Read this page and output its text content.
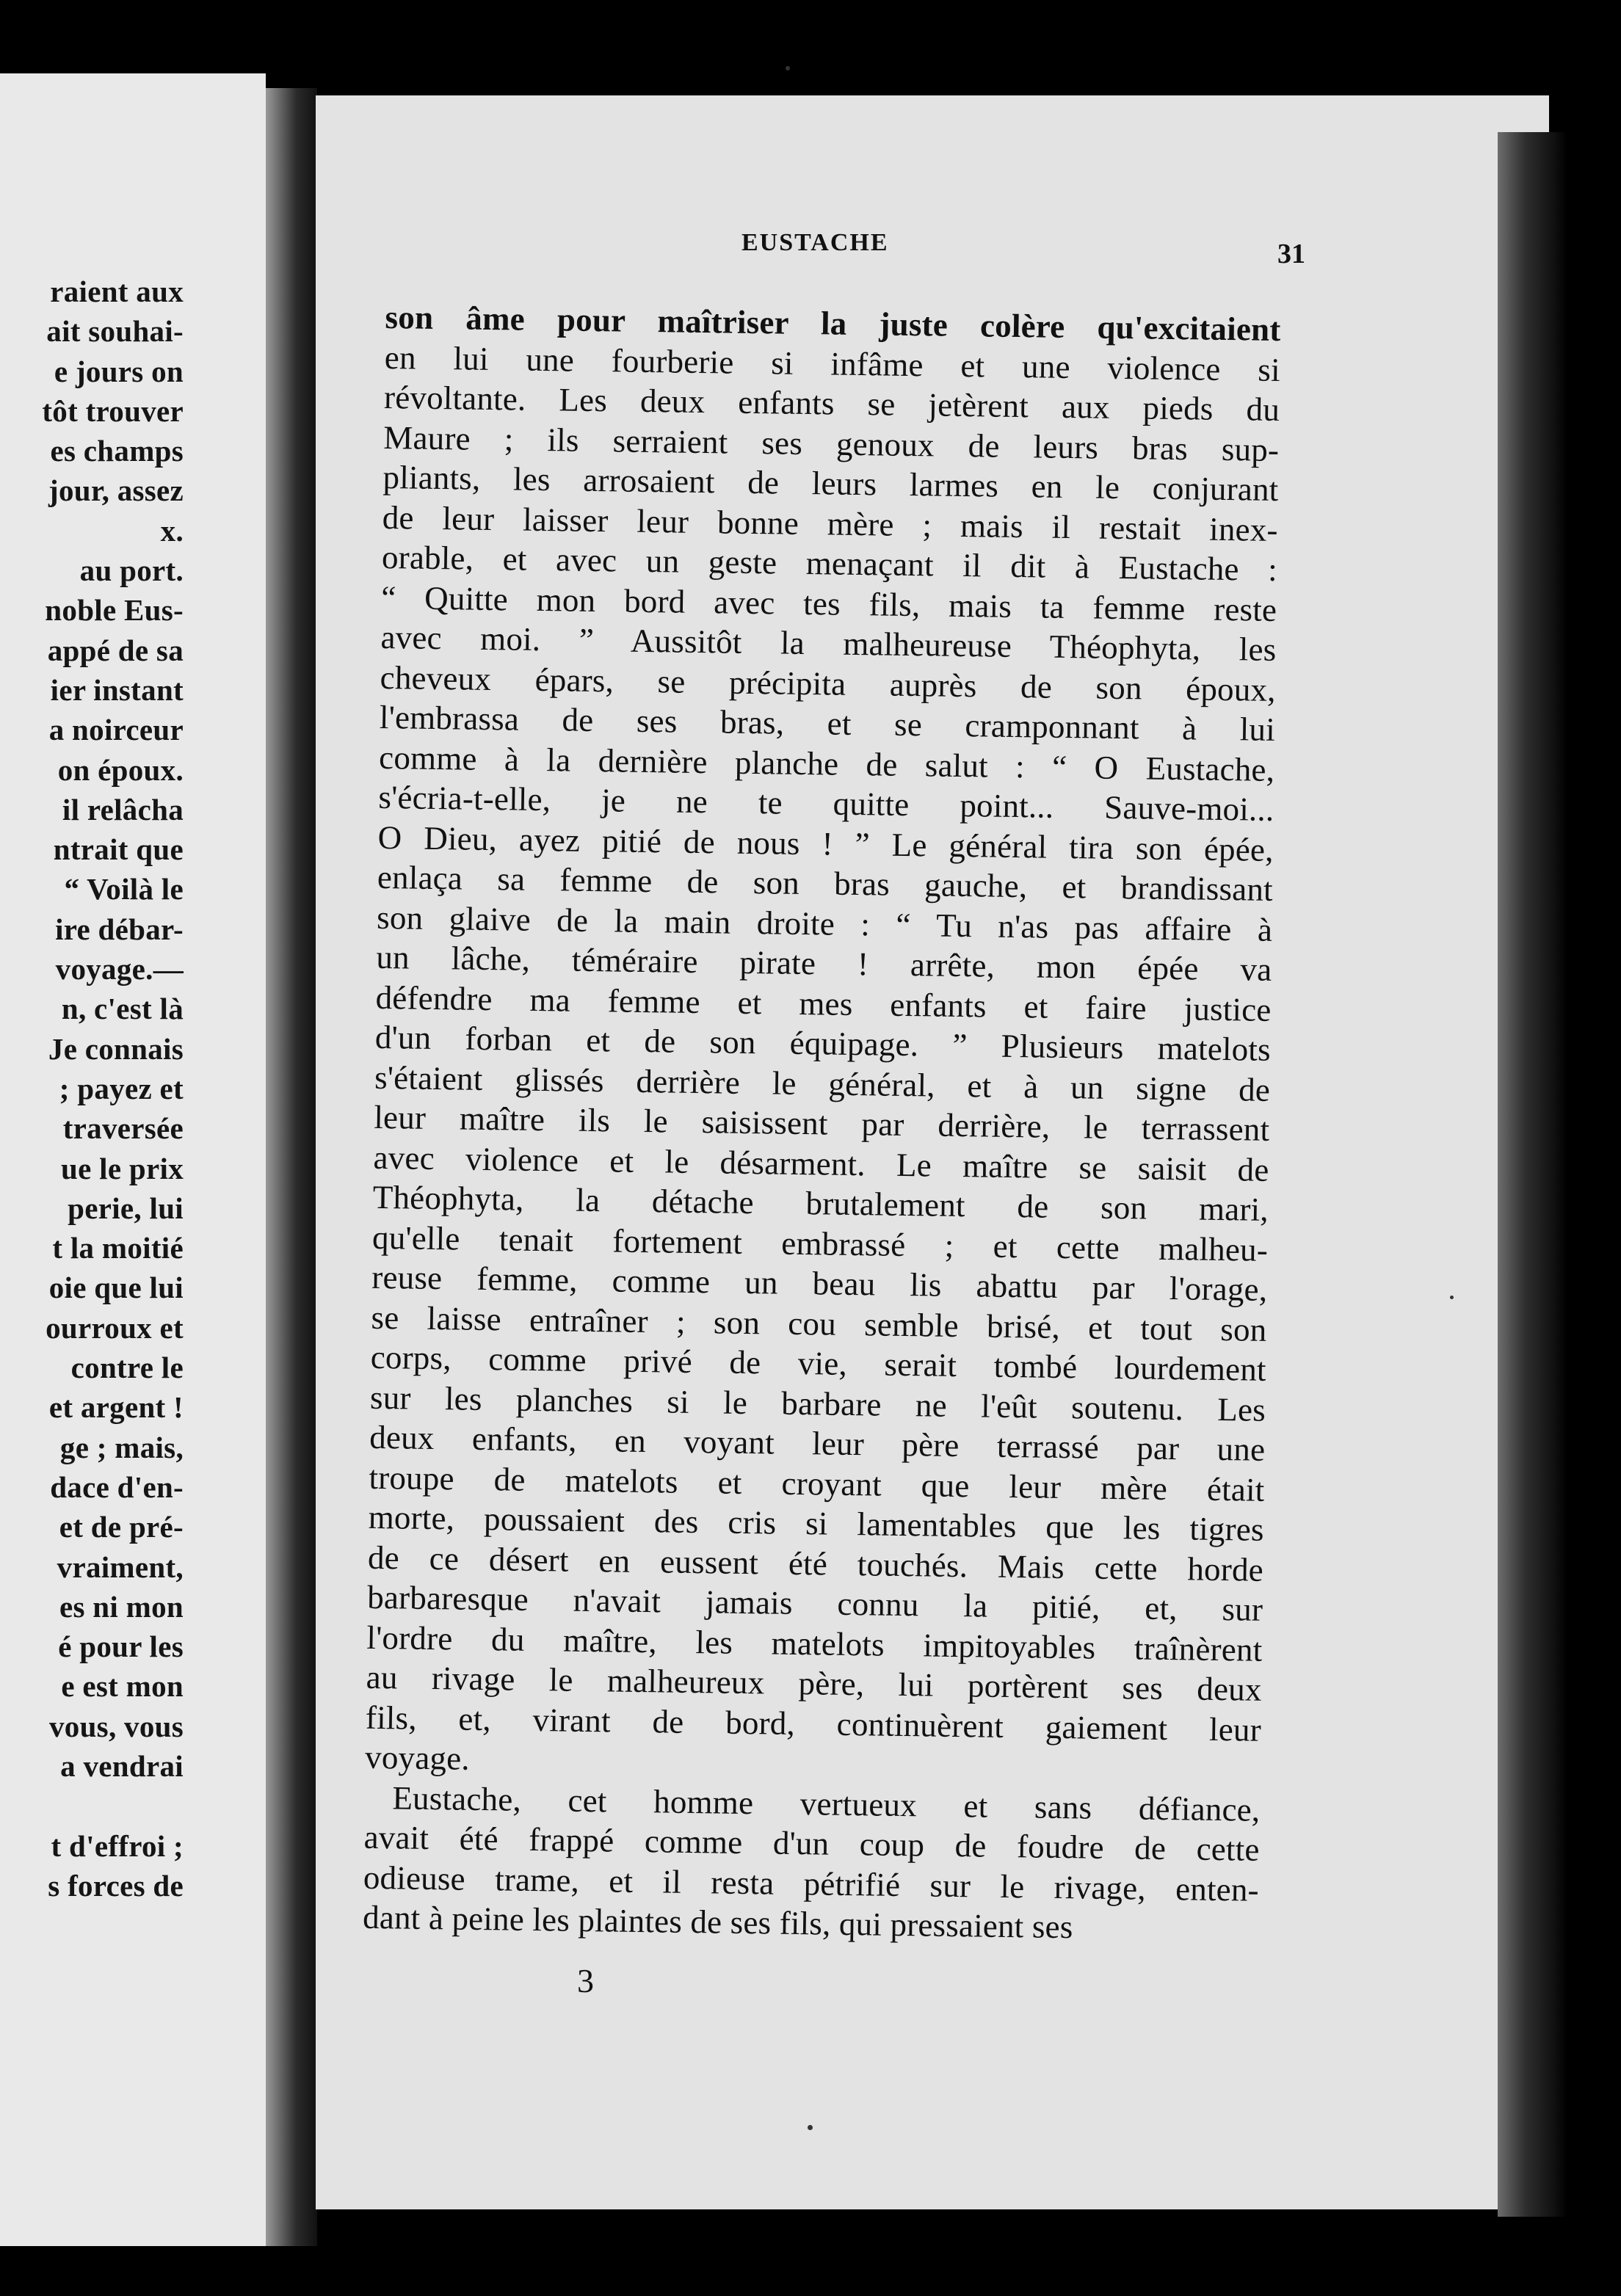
raient aux
ait souhai-
e jours on
tôt trouver
es champs
jour, assez
x.
au port.
noble Eus-
appé de sa
ier instant
a noirceur
on époux.
il relâcha
ntrait que
“ Voilà le
ire débar-
voyage.—
n, c'est là
Je connais
; payez et
traversée
ue le prix
perie, lui
t la moitié
oie que lui
ourroux et
contre le
et argent !
ge ; mais,
dace d'en-
et de pré-
vraiment,
es ni mon
é pour les
e est mon
vous, vous
a vendrai
t d'effroi ;
s forces de
EUSTACHE	31
son âme pour maîtriser la juste colère qu'excitaient
en lui une fourberie si infâme et une violence si
révoltante. Les deux enfants se jetèrent aux pieds du
Maure ; ils serraient ses genoux de leurs bras sup-
pliants, les arrosaient de leurs larmes en le conjurant
de leur laisser leur bonne mère ; mais il restait inex-
orable, et avec un geste menaçant il dit à Eustache :
“ Quitte mon bord avec tes fils, mais ta femme reste
avec moi. ” Aussitôt la malheureuse Théophyta, les
cheveux épars, se précipita auprès de son époux,
l'embrassa de ses bras, et se cramponnant à lui
comme à la dernière planche de salut : “ O Eustache,
s'écria-t-elle, je ne te quitte point... Sauve-moi...
O Dieu, ayez pitié de nous ! ” Le général tira son épée,
enlaça sa femme de son bras gauche, et brandissant
son glaive de la main droite : “ Tu n'as pas affaire à
un lâche, téméraire pirate ! arrête, mon épée va
défendre ma femme et mes enfants et faire justice
d'un forban et de son équipage. ” Plusieurs matelots
s'étaient glissés derrière le général, et à un signe de
leur maître ils le saisissent par derrière, le terrassent
avec violence et le désarment. Le maître se saisit de
Théophyta, la détache brutalement de son mari,
qu'elle tenait fortement embrassé ; et cette malheu-
reuse femme, comme un beau lis abattu par l'orage,
se laisse entraîner ; son cou semble brisé, et tout son
corps, comme privé de vie, serait tombé lourdement
sur les planches si le barbare ne l'eût soutenu. Les
deux enfants, en voyant leur père terrassé par une
troupe de matelots et croyant que leur mère était
morte, poussaient des cris si lamentables que les tigres
de ce désert en eussent été touchés. Mais cette horde
barbaresque n'avait jamais connu la pitié, et, sur
l'ordre du maître, les matelots impitoyables traînèrent
au rivage le malheureux père, lui portèrent ses deux
fils, et, virant de bord, continuèrent gaiement leur
voyage.
Eustache, cet homme vertueux et sans défiance,
avait été frappé comme d'un coup de foudre de cette
odieuse trame, et il resta pétrifié sur le rivage, enten-
dant à peine les plaintes de ses fils, qui pressaient ses
3
